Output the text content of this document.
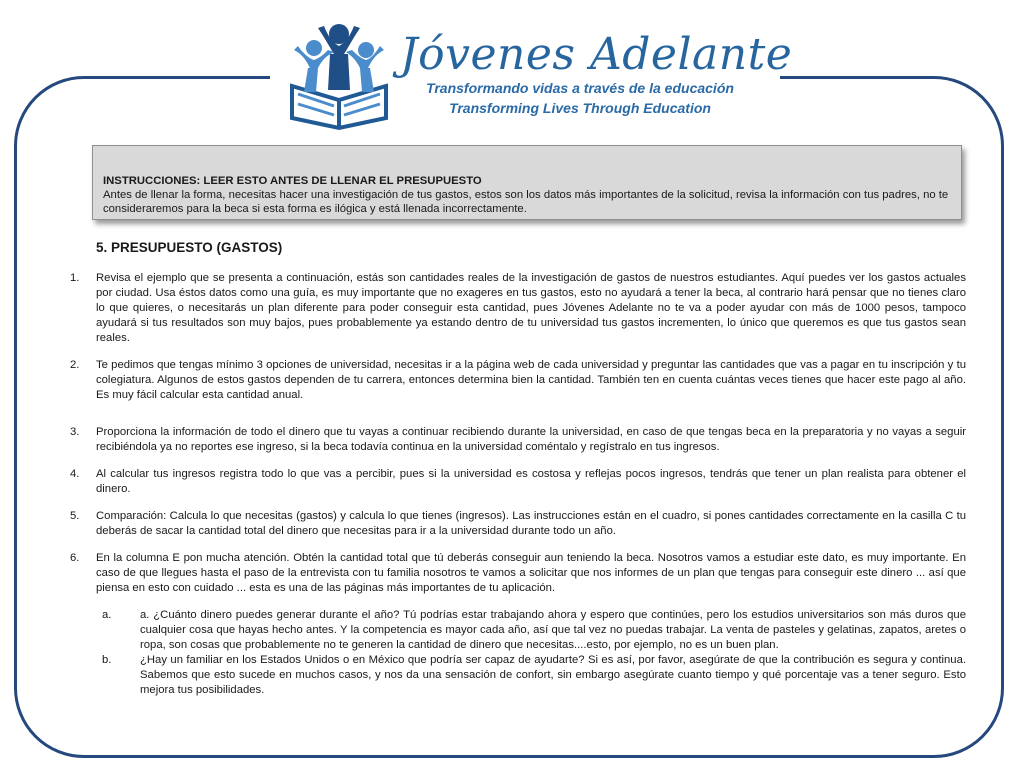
Jóvenes Adelante
Transformando vidas a través de la educación
Transforming Lives Through Education
INSTRUCCIONES: LEER ESTO ANTES DE LLENAR EL PRESUPUESTO
Antes de llenar la forma, necesitas hacer una investigación de tus gastos, estos son los datos más importantes de la solicitud, revisa la información con tus padres, no te consideraremos para la beca si esta forma es ilógica y está llenada incorrectamente.
5. PRESUPUESTO (GASTOS)
1.	Revisa el ejemplo que se presenta a continuación, estás son cantidades reales de la investigación de gastos de nuestros estudiantes. Aquí puedes ver los gastos actuales por ciudad. Usa éstos datos como una guía, es muy importante que no exageres en tus gastos, esto no ayudará a tener la beca, al contrario hará pensar que no tienes claro lo que quieres, o necesitarás un plan diferente para poder conseguir esta cantidad, pues Jóvenes Adelante no te va a poder ayudar con más de 1000 pesos, tampoco ayudará si tus resultados son muy bajos, pues probablemente ya estando dentro de tu universidad tus gastos incrementen, lo único que queremos es que tus gastos sean reales.
2.	Te pedimos que tengas mínimo 3 opciones de universidad, necesitas ir a la página web de cada universidad y preguntar las cantidades que vas a pagar en tu inscripción y tu colegiatura. Algunos de estos gastos dependen de tu carrera, entonces determina bien la cantidad. También ten en cuenta cuántas veces tienes que hacer este pago al año. Es muy fácil calcular esta cantidad anual.
3.	Proporciona la información de todo el dinero que tu vayas a continuar recibiendo durante la universidad, en caso de que tengas beca en la preparatoria y no vayas a seguir recibiéndola ya no reportes ese ingreso, si la beca todavía continua en la universidad coméntalo y regístralo en tus ingresos.
4.	Al calcular tus ingresos registra todo lo que vas a percibir, pues si la universidad es costosa y reflejas pocos ingresos, tendrás que tener un plan realista para obtener el dinero.
5.	Comparación: Calcula lo que necesitas (gastos) y calcula lo que tienes (ingresos). Las instrucciones están en el cuadro, si pones cantidades correctamente en la casilla C tu deberás de sacar la cantidad total del dinero que necesitas para ir a la universidad durante todo un año.
6.	En la columna E pon mucha atención. Obtén la cantidad total que tú deberás conseguir aun teniendo la beca. Nosotros vamos a estudiar este dato, es muy importante. En caso de que llegues hasta el paso de la entrevista con tu familia nosotros te vamos a solicitar que nos informes de un plan que tengas para conseguir este dinero ... así que piensa en esto con cuidado ... esta es una de las páginas más importantes de tu aplicación.
a.	a. ¿Cuánto dinero puedes generar durante el año? Tú podrías estar trabajando ahora y espero que continúes, pero los estudios universitarios son más duros que cualquier cosa que hayas hecho antes. Y la competencia es mayor cada año, así que tal vez no puedas trabajar. La venta de pasteles y gelatinas, zapatos, aretes o ropa, son cosas que probablemente no te generen la cantidad de dinero que necesitas....esto, por ejemplo, no es un buen plan.
b.	¿Hay un familiar en los Estados Unidos o en México que podría ser capaz de ayudarte? Si es así, por favor, asegúrate de que la contribución es segura y continua. Sabemos que esto sucede en muchos casos, y nos da una sensación de confort, sin embargo asegúrate cuanto tiempo y qué porcentaje vas a tener seguro. Esto mejora tus posibilidades.
